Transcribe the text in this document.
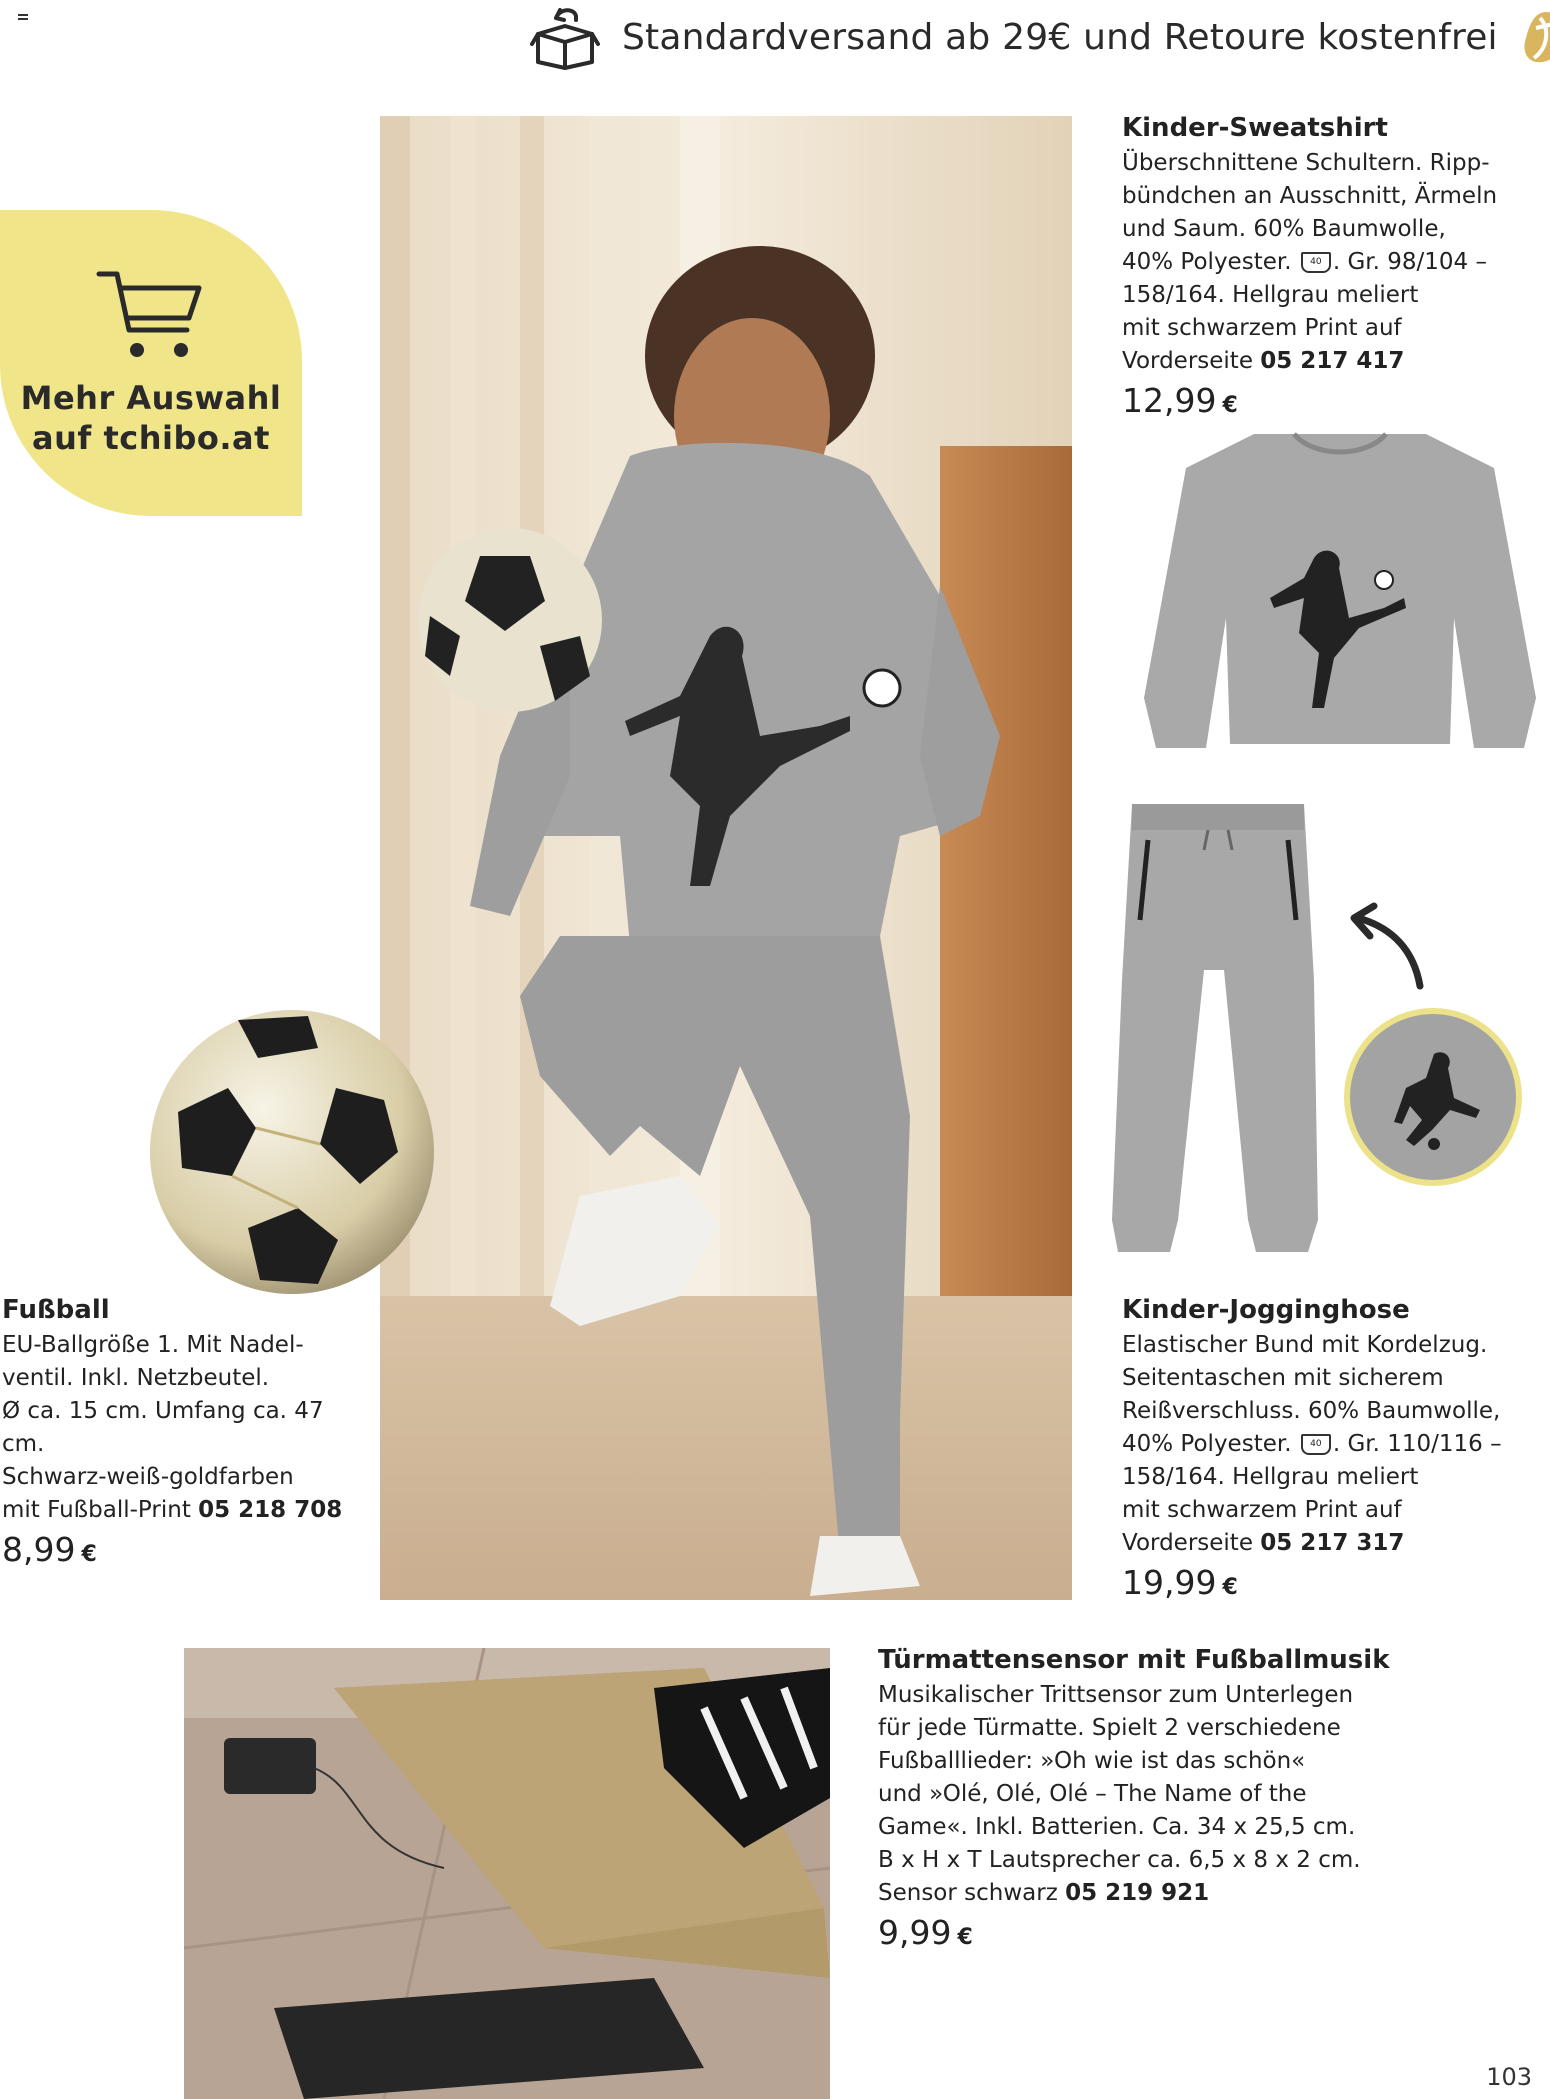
Standardversand ab 29€ und Retoure kostenfrei
Mehr Auswahl
auf tchibo.at
Kinder-Sweatshirt
Überschnittene Schultern. Ripp-
bündchen an Ausschnitt, Ärmeln
und Saum. 60% Baumwolle,
40% Polyester. 40 . Gr. 98/104 –
158/164. Hellgrau meliert
mit schwarzem Print auf
Vorderseite 05 217 417
12,99 €
Kinder-Jogginghose
Elastischer Bund mit Kordelzug.
Seitentaschen mit sicherem
Reißverschluss. 60% Baumwolle,
40% Polyester. 40 . Gr. 110/116 –
158/164. Hellgrau meliert
mit schwarzem Print auf
Vorderseite 05 217 317
19,99 €
Fußball
EU-Ballgröße 1. Mit Nadel-
ventil. Inkl. Netzbeutel.
Ø ca. 15 cm. Umfang ca. 47 cm.
Schwarz-weiß-goldfarben
mit Fußball-Print 05 218 708
8,99 €
Türmattensensor mit Fußballmusik
Musikalischer Trittsensor zum Unterlegen
für jede Türmatte. Spielt 2 verschiedene
Fußballlieder: »Oh wie ist das schön«
und »Olé, Olé, Olé – The Name of the
Game«. Inkl. Batterien. Ca. 34 x 25,5 cm.
B x H x T Lautsprecher ca. 6,5 x 8 x 2 cm.
Sensor schwarz 05 219 921
9,99 €
103
